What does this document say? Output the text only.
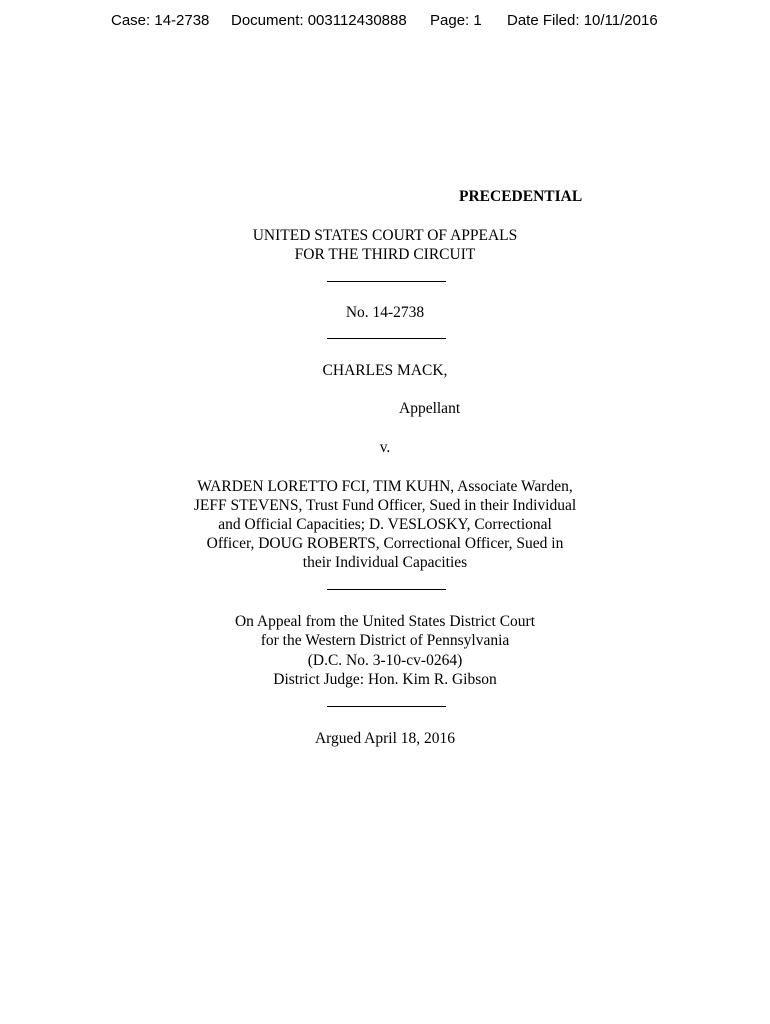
Case: 14-2738 Document: 003112430888 Page: 1 Date Filed: 10/11/2016
PRECEDENTIAL
UNITED STATES COURT OF APPEALS
FOR THE THIRD CIRCUIT
No. 14-2738
CHARLES MACK,
Appellant
v.
WARDEN LORETTO FCI, TIM KUHN, Associate Warden,
JEFF STEVENS, Trust Fund Officer, Sued in their Individual
and Official Capacities; D. VESLOSKY, Correctional
Officer, DOUG ROBERTS, Correctional Officer, Sued in
their Individual Capacities
On Appeal from the United States District Court
for the Western District of Pennsylvania
(D.C. No. 3-10-cv-0264)
District Judge: Hon. Kim R. Gibson
Argued April 18, 2016
